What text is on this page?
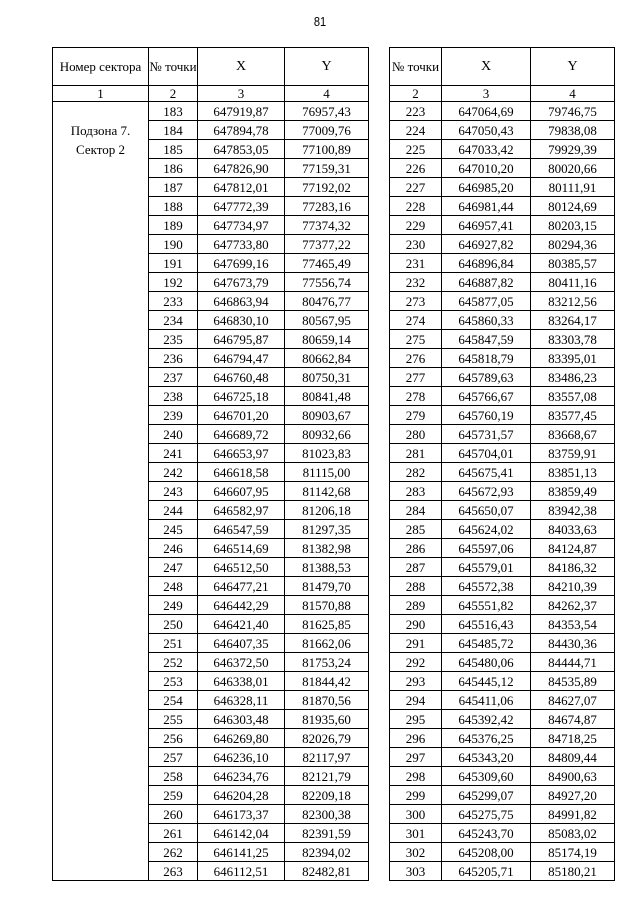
81
Номер сектора	№ точки	X	Y
1	2	3	4
Подзона 7. Сектор 2	183	647919,87	76957,43
	184	647894,78	77009,76
	185	647853,05	77100,89
	186	647826,90	77159,31
	187	647812,01	77192,02
	188	647772,39	77283,16
	189	647734,97	77374,32
	190	647733,80	77377,22
	191	647699,16	77465,49
	192	647673,79	77556,74
	233	646863,94	80476,77
	234	646830,10	80567,95
	235	646795,87	80659,14
	236	646794,47	80662,84
	237	646760,48	80750,31
	238	646725,18	80841,48
	239	646701,20	80903,67
	240	646689,72	80932,66
	241	646653,97	81023,83
	242	646618,58	81115,00
	243	646607,95	81142,68
	244	646582,97	81206,18
	245	646547,59	81297,35
	246	646514,69	81382,98
	247	646512,50	81388,53
	248	646477,21	81479,70
	249	646442,29	81570,88
	250	646421,40	81625,85
	251	646407,35	81662,06
	252	646372,50	81753,24
	253	646338,01	81844,42
	254	646328,11	81870,56
	255	646303,48	81935,60
	256	646269,80	82026,79
	257	646236,10	82117,97
	258	646234,76	82121,79
	259	646204,28	82209,18
	260	646173,37	82300,38
	261	646142,04	82391,59
	262	646141,25	82394,02
	263	646112,51	82482,81
№ точки	X	Y
2	3	4
223	647064,69	79746,75
224	647050,43	79838,08
225	647033,42	79929,39
226	647010,20	80020,66
227	646985,20	80111,91
228	646981,44	80124,69
229	646957,41	80203,15
230	646927,82	80294,36
231	646896,84	80385,57
232	646887,82	80411,16
273	645877,05	83212,56
274	645860,33	83264,17
275	645847,59	83303,78
276	645818,79	83395,01
277	645789,63	83486,23
278	645766,67	83557,08
279	645760,19	83577,45
280	645731,57	83668,67
281	645704,01	83759,91
282	645675,41	83851,13
283	645672,93	83859,49
284	645650,07	83942,38
285	645624,02	84033,63
286	645597,06	84124,87
287	645579,01	84186,32
288	645572,38	84210,39
289	645551,82	84262,37
290	645516,43	84353,54
291	645485,72	84430,36
292	645480,06	84444,71
293	645445,12	84535,89
294	645411,06	84627,07
295	645392,42	84674,87
296	645376,25	84718,25
297	645343,20	84809,44
298	645309,60	84900,63
299	645299,07	84927,20
300	645275,75	84991,82
301	645243,70	85083,02
302	645208,00	85174,19
303	645205,71	85180,21
